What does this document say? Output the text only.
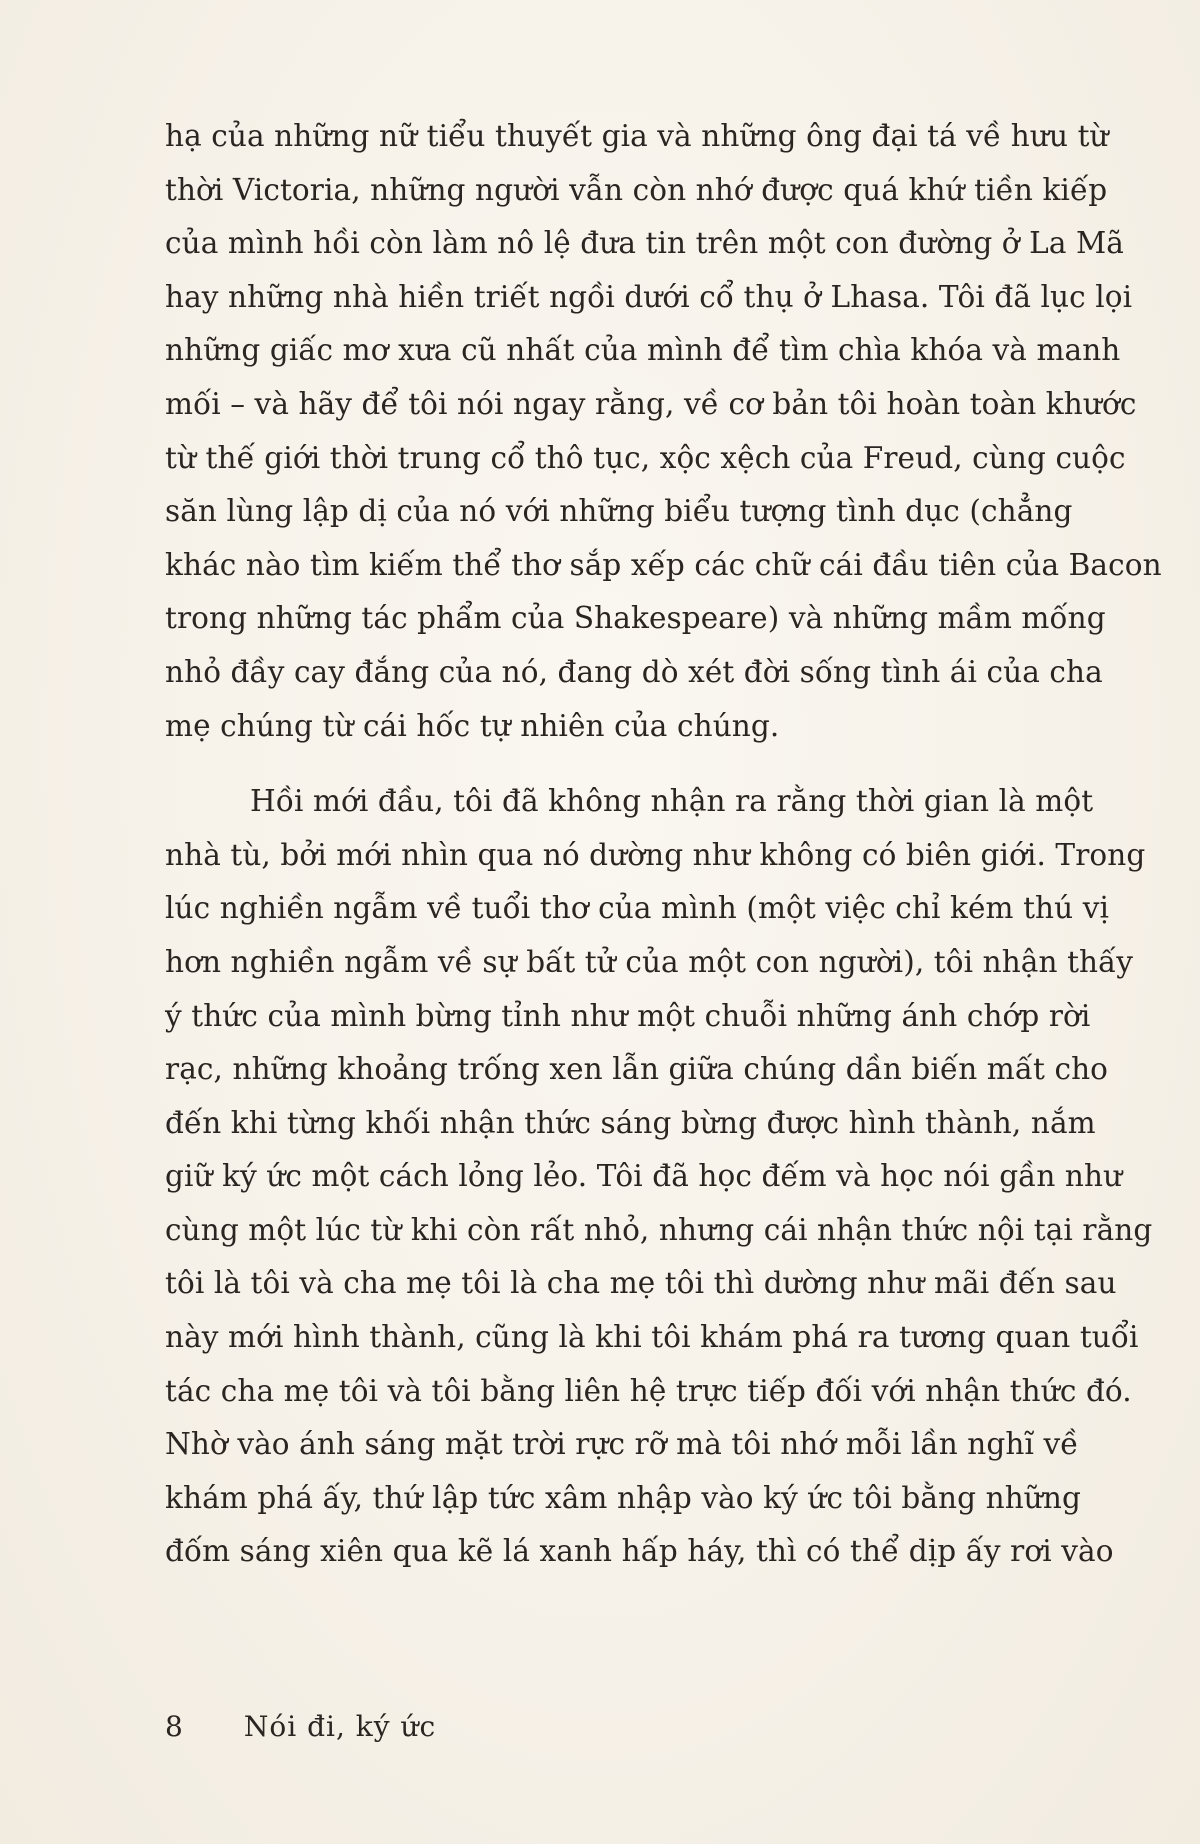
hạ của những nữ tiểu thuyết gia và những ông đại tá về hưu từ
thời Victoria, những người vẫn còn nhớ được quá khứ tiền kiếp
của mình hồi còn làm nô lệ đưa tin trên một con đường ở La Mã
hay những nhà hiền triết ngồi dưới cổ thụ ở Lhasa. Tôi đã lục lọi
những giấc mơ xưa cũ nhất của mình để tìm chìa khóa và manh
mối – và hãy để tôi nói ngay rằng, về cơ bản tôi hoàn toàn khước
từ thế giới thời trung cổ thô tục, xộc xệch của Freud, cùng cuộc
săn lùng lập dị của nó với những biểu tượng tình dục (chẳng
khác nào tìm kiếm thể thơ sắp xếp các chữ cái đầu tiên của Bacon
trong những tác phẩm của Shakespeare) và những mầm mống
nhỏ đầy cay đắng của nó, đang dò xét đời sống tình ái của cha
mẹ chúng từ cái hốc tự nhiên của chúng.
Hồi mới đầu, tôi đã không nhận ra rằng thời gian là một
nhà tù, bởi mới nhìn qua nó dường như không có biên giới. Trong
lúc nghiền ngẫm về tuổi thơ của mình (một việc chỉ kém thú vị
hơn nghiền ngẫm về sự bất tử của một con người), tôi nhận thấy
ý thức của mình bừng tỉnh như một chuỗi những ánh chớp rời
rạc, những khoảng trống xen lẫn giữa chúng dần biến mất cho
đến khi từng khối nhận thức sáng bừng được hình thành, nắm
giữ ký ức một cách lỏng lẻo. Tôi đã học đếm và học nói gần như
cùng một lúc từ khi còn rất nhỏ, nhưng cái nhận thức nội tại rằng
tôi là tôi và cha mẹ tôi là cha mẹ tôi thì dường như mãi đến sau
này mới hình thành, cũng là khi tôi khám phá ra tương quan tuổi
tác cha mẹ tôi và tôi bằng liên hệ trực tiếp đối với nhận thức đó.
Nhờ vào ánh sáng mặt trời rực rỡ mà tôi nhớ mỗi lần nghĩ về
khám phá ấy, thứ lập tức xâm nhập vào ký ức tôi bằng những
đốm sáng xiên qua kẽ lá xanh hấp háy, thì có thể dịp ấy rơi vào
8 Nói đi, ký ức
